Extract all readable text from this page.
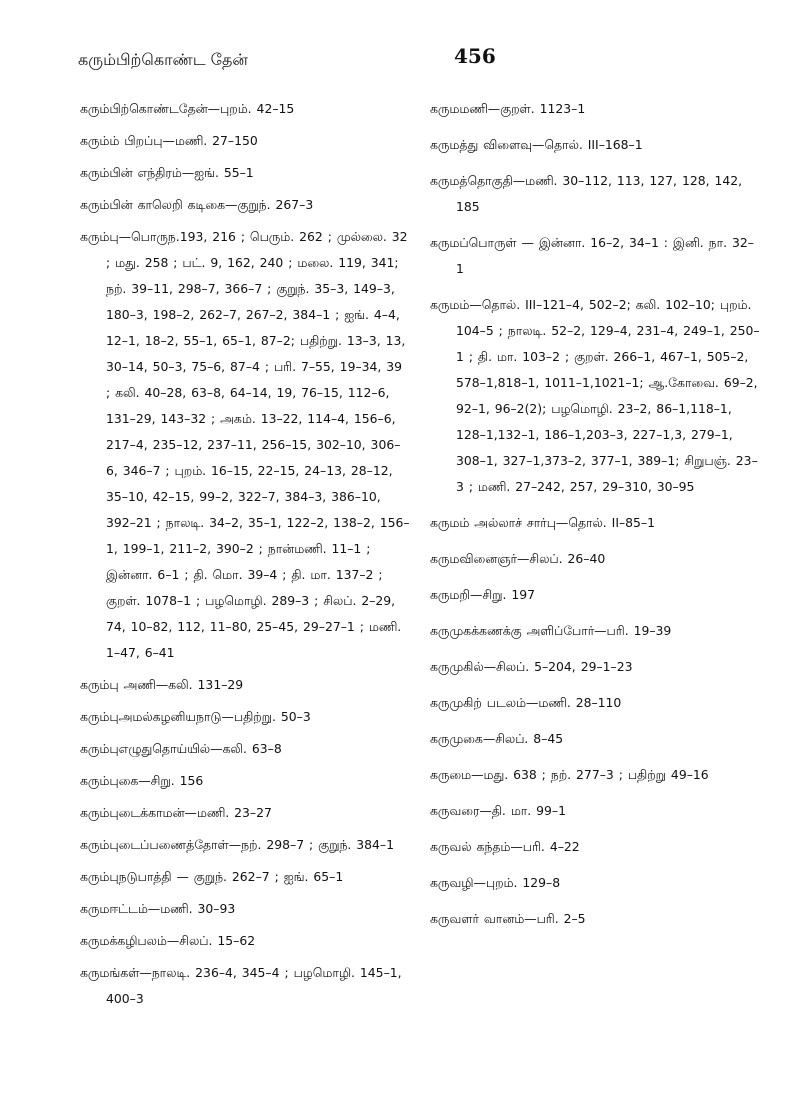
கரும்பிற்கொண்ட தேன்	456
கரும்பிற்கொண்டதேன்—புறம். 42–15
கரும்ம் பிறப்பு—மணி. 27–150
கரும்பின் எந்திரம்—ஐங். 55–1
கரும்பின் காலெறி கடிகை—குறுந். 267–3
கரும்பு—பொருந.193, 216 ; பெரும். 262 ; முல்லை. 32 ; மது. 258 ; பட். 9, 162, 240 ; மலை. 119, 341; நற். 39–11, 298–7, 366–7 ; குறுந். 35–3, 149–3, 180–3, 198–2, 262–7, 267–2, 384–1 ; ஐங். 4–4, 12–1, 18–2, 55–1, 65–1, 87–2; பதிற்று. 13–3, 13, 30–14, 50–3, 75–6, 87–4 ; பரி. 7–55, 19–34, 39 ; கலி. 40–28, 63–8, 64–14, 19, 76–15, 112–6, 131–29, 143–32 ; அகம். 13–22, 114–4, 156–6, 217–4, 235–12, 237–11, 256–15, 302–10, 306–6, 346–7 ; புறம். 16–15, 22–15, 24–13, 28–12, 35–10, 42–15, 99–2, 322–7, 384–3, 386–10, 392–21 ; நாலடி. 34–2, 35–1, 122–2, 138–2, 156–1, 199–1, 211–2, 390–2 ; நான்மணி. 11–1 ; இன்னா. 6–1 ; தி. மொ. 39–4 ; தி. மா. 137–2 ; குறள். 1078–1 ; பழமொழி. 289–3 ; சிலப். 2–29, 74, 10–82, 112, 11–80, 25–45, 29–27–1 ; மணி. 1–47, 6–41
கரும்பு அணி—கலி. 131–29
கரும்புஅமல்கழனியநாடு—பதிற்று. 50–3
கரும்புஎழுதுதொய்யில்—கலி. 63–8
கரும்புகை—சிறு. 156
கரும்புடைக்காமன்—மணி. 23–27
கரும்புடைப்பணைத்தோள்—நற். 298–7 ; குறுந். 384–1
கரும்புநடுபாத்தி — குறுந். 262–7 ; ஐங். 65–1
கருமஈட்டம்—மணி. 30–93
கருமக்கழிபலம்—சிலப். 15–62
கருமங்கள்—நாலடி. 236–4, 345–4 ; பழமொழி. 145–1, 400–3
கருமமணி—குறள். 1123–1
கருமத்து விளைவு—தொல். III–168–1
கருமத்தொகுதி—மணி. 30–112, 113, 127, 128, 142, 185
கருமப்பொருள் — இன்னா. 16–2, 34–1 : இனி. நா. 32–1
கருமம்—தொல். III–121–4, 502–2; கலி. 102–10; புறம். 104–5 ; நாலடி. 52–2, 129–4, 231–4, 249–1, 250–1 ; தி. மா. 103–2 ; குறள். 266–1, 467–1, 505–2, 578–1,818–1, 1011–1,1021–1; ஆ.கோவை. 69–2, 92–1, 96–2(2); பழமொழி. 23–2, 86–1,118–1, 128–1,132–1, 186–1,203–3, 227–1,3, 279–1, 308–1, 327–1,373–2, 377–1, 389–1; சிறுபஞ். 23–3 ; மணி. 27–242, 257, 29–310, 30–95
கருமம் அல்லாச் சார்பு—தொல். II–85–1
கருமவினைஞர்—சிலப். 26–40
கருமறி—சிறு. 197
கருமுகக்கணக்கு அளிப்போர்—பரி. 19–39
கருமுகில்—சிலப். 5–204, 29–1–23
கருமுகிற் படலம்—மணி. 28–110
கருமுகை—சிலப். 8–45
கருமை—மது. 638 ; நற். 277–3 ; பதிற்று 49–16
கருவரை—தி. மா. 99–1
கருவல் கந்தம்—பரி. 4–22
கருவழி—புறம். 129–8
கருவளர் வானம்—பரி. 2–5
